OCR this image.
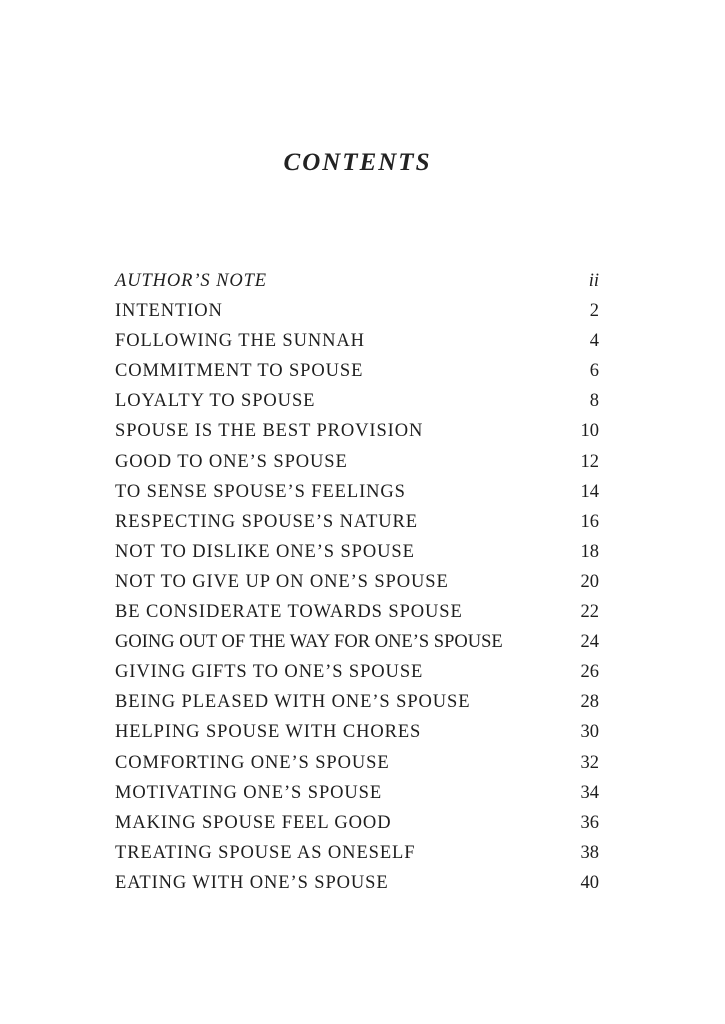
CONTENTS
AUTHOR’S NOTE	ii
INTENTION	2
FOLLOWING THE SUNNAH	4
COMMITMENT TO SPOUSE	6
LOYALTY TO SPOUSE	8
SPOUSE IS THE BEST PROVISION	10
GOOD TO ONE’S SPOUSE	12
TO SENSE SPOUSE’S FEELINGS	14
RESPECTING SPOUSE’S NATURE	16
NOT TO DISLIKE ONE’S SPOUSE	18
NOT TO GIVE UP ON ONE’S SPOUSE	20
BE CONSIDERATE TOWARDS SPOUSE	22
GOING OUT OF THE WAY FOR ONE’S SPOUSE	24
GIVING GIFTS TO ONE’S SPOUSE	26
BEING PLEASED WITH ONE’S SPOUSE	28
HELPING SPOUSE WITH CHORES	30
COMFORTING ONE’S SPOUSE	32
MOTIVATING ONE’S SPOUSE	34
MAKING SPOUSE FEEL GOOD	36
TREATING SPOUSE AS ONESELF	38
EATING WITH ONE’S SPOUSE	40
